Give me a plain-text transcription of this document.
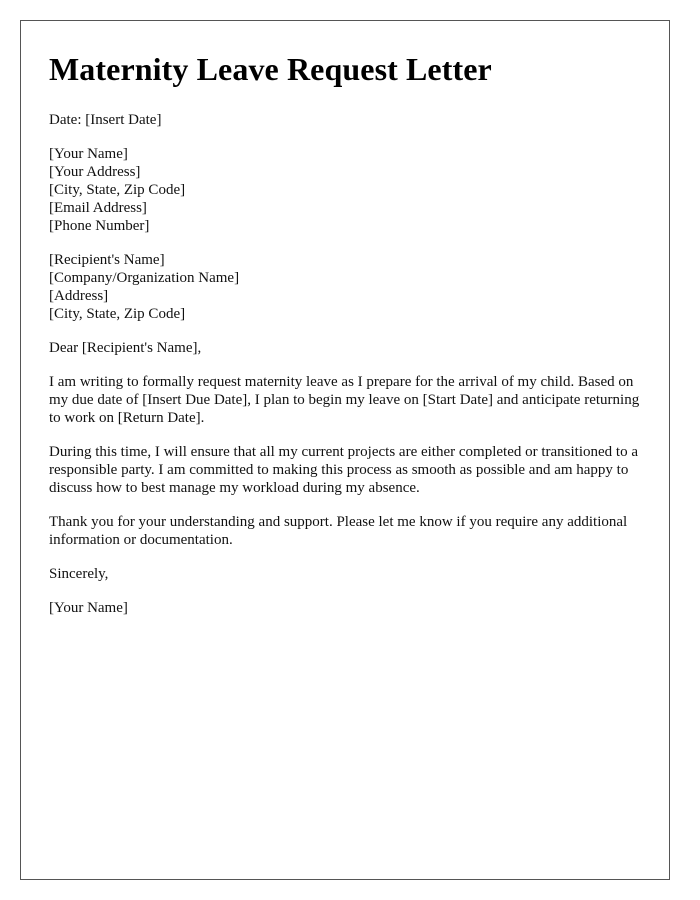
Maternity Leave Request Letter

Date: [Insert Date]

[Your Name]
[Your Address]
[City, State, Zip Code]
[Email Address]
[Phone Number]
[Recipient's Name]
[Company/Organization Name]
[Address]
[City, State, Zip Code]

Dear [Recipient's Name],

I am writing to formally request maternity leave as I prepare for the arrival of my child. Based on my due date of [Insert Due Date], I plan to begin my leave on [Start Date] and anticipate returning to work on [Return Date].

During this time, I will ensure that all my current projects are either completed or transitioned to a responsible party. I am committed to making this process as smooth as possible and am happy to discuss how to best manage my workload during my absence.

Thank you for your understanding and support. Please let me know if you require any additional information or documentation.

Sincerely,

[Your Name]
